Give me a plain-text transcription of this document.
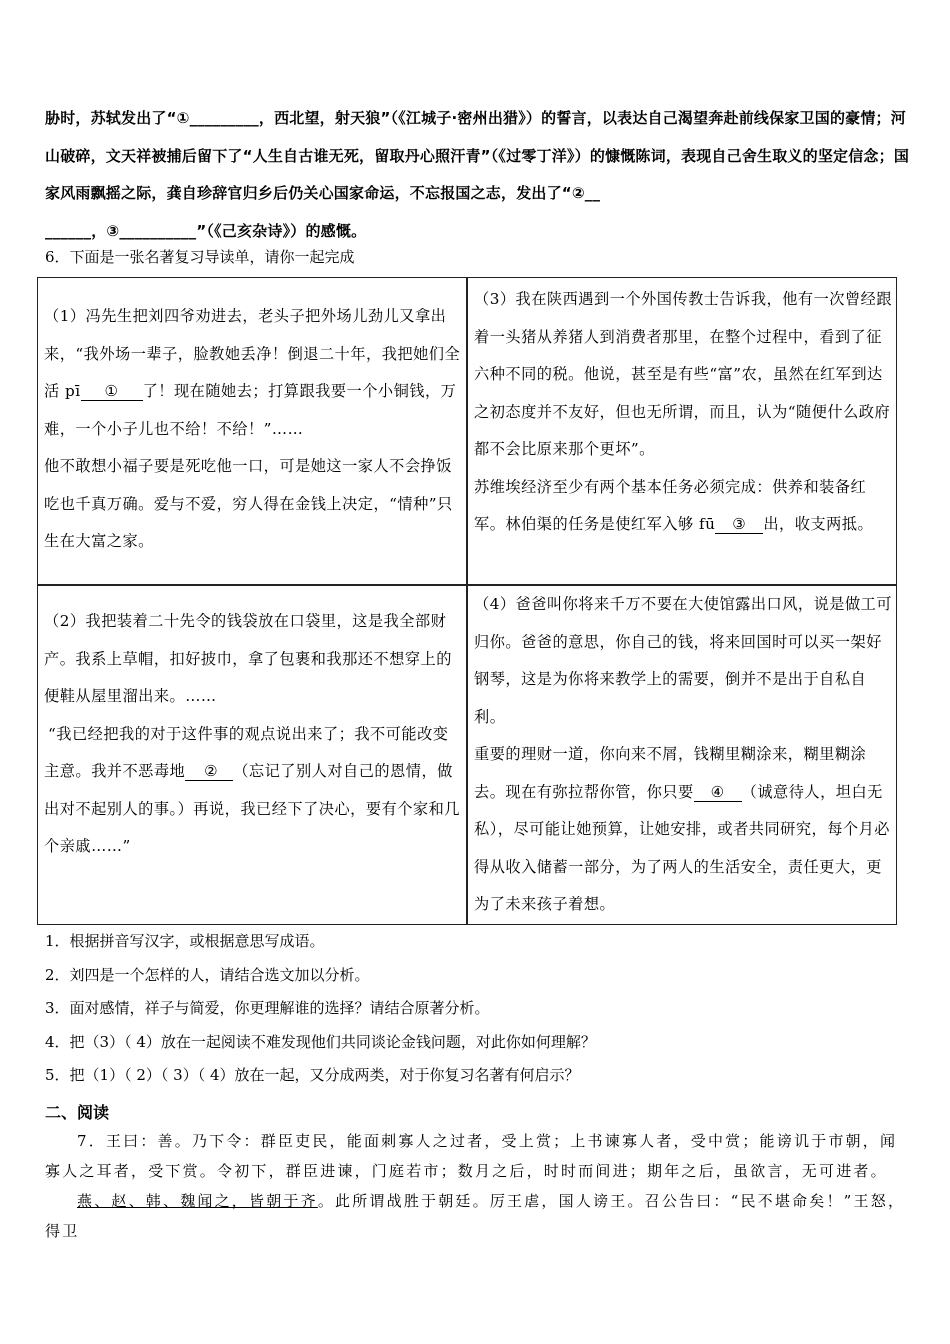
胁时，苏轼发出了“①_________，西北望，射天狼”（《江城子·密州出猎》）的誓言，以表达自己渴望奔赴前线保家卫国的豪情；河山破碎，文天祥被捕后留下了“人生自古谁无死，留取丹心照汗青”（《过零丁洋》）的慷慨陈词，表现自己舍生取义的坚定信念；国家风雨飘摇之际，龚自珍辞官归乡后仍关心国家命运，不忘报国之志，发出了“②__
______，③__________”（《己亥杂诗》）的感慨。
6．下面是一张名著复习导读单，请你一起完成
（1）冯先生把刘四爷劝进去，老头子把外场儿劲儿又拿出来，“我外场一辈子，脸教她丢净！倒退二十年，我把她们全活 pī ① 了！现在随她去；打算跟我要一个小铜钱，万难，一个小子儿也不给！不给！”……
他不敢想小福子要是死吃他一口，可是她这一家人不会挣饭吃也千真万确。爱与不爱，穷人得在金钱上决定，“情种”只生在大富之家。
（3）我在陕西遇到一个外国传教士告诉我，他有一次曾经跟着一头猪从养猪人到消费者那里，在整个过程中，看到了征六种不同的税。他说，甚至是有些“富”农，虽然在红军到达之初态度并不友好，但也无所谓，而且，认为“随便什么政府都不会比原来那个更坏”。
苏维埃经济至少有两个基本任务必须完成：供养和装备红军。林伯渠的任务是使红军入够 fū ③ 出，收支两抵。
（2）我把装着二十先令的钱袋放在口袋里，这是我全部财产。我系上草帽，扣好披巾，拿了包裹和我那还不想穿上的便鞋从屋里溜出来。……
“我已经把我的对于这件事的观点说出来了；我不可能改变主意。我并不恶毒地 ② （忘记了别人对自己的恩情，做出对不起别人的事。）再说，我已经下了决心，要有个家和几个亲戚……”
（4）爸爸叫你将来千万不要在大使馆露出口风，说是做工可归你。爸爸的意思，你自己的钱，将来回国时可以买一架好钢琴，这是为你将来教学上的需要，倒并不是出于自私自利。
重要的理财一道，你向来不屑，钱糊里糊涂来，糊里糊涂去。现在有弥拉帮你管，你只要 ④ （诚意待人，坦白无私），尽可能让她预算，让她安排，或者共同研究，每个月必得从收入储蓄一部分，为了两人的生活安全，责任更大，更为了未来孩子着想。
1．根据拼音写汉字，或根据意思写成语。
2．刘四是一个怎样的人，请结合选文加以分析。
3．面对感情，祥子与简爱，你更理解谁的选择？请结合原著分析。
4．把（3）（ 4）放在一起阅读不难发现他们共同谈论金钱问题，对此你如何理解？
5．把（1）（ 2）（ 3）（ 4）放在一起，又分成两类，对于你复习名著有何启示？
二、阅读

7．王曰：善。乃下令：群臣吏民，能面刺寡人之过者，受上赏；上书谏寡人者，受中赏；能谤讥于市朝，闻寡人之耳者，受下赏。令初下，群臣进谏，门庭若市；数月之后，时时而间进；期年之后，虽欲言，无可进者。

燕、赵、韩、魏闻之，皆朝于齐。此所谓战胜于朝廷。厉王虐，国人谤王。召公告曰：“民不堪命矣！”王怒，得卫
